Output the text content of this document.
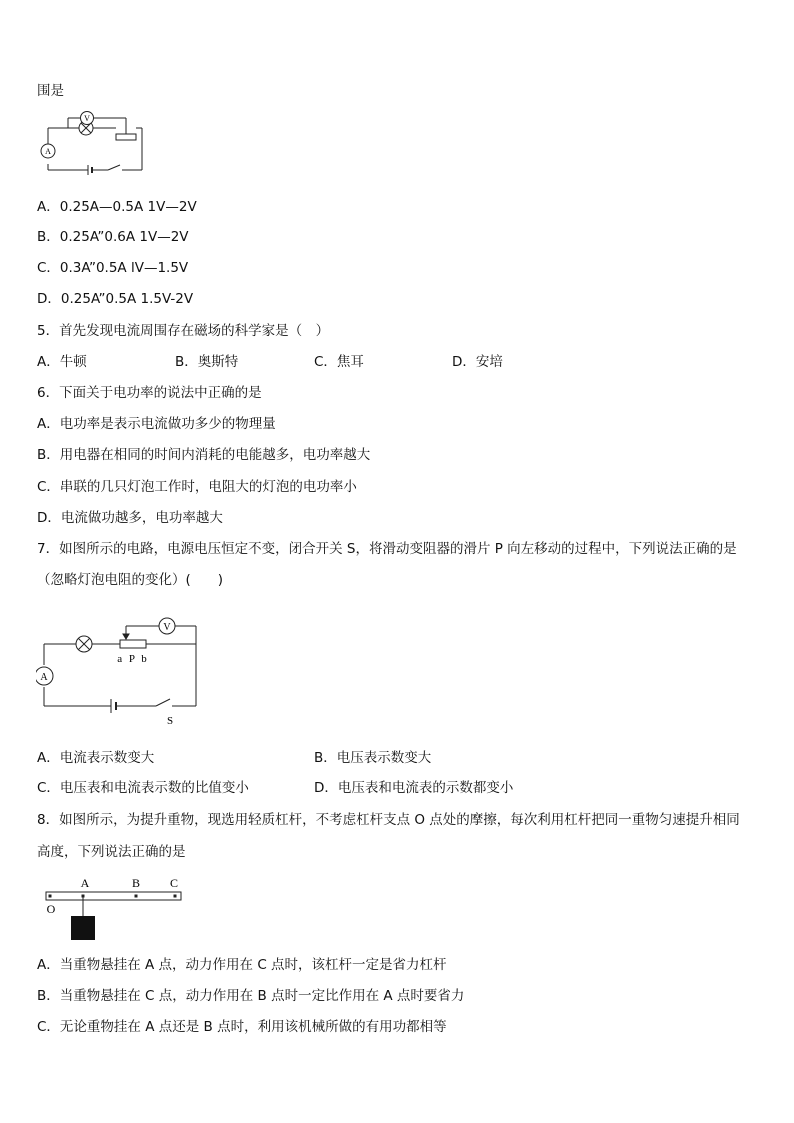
围是
V
A
A．0.25A—0.5A 1V—2V
B．0.25A”0.6A 1V—2V
C．0.3A”0.5A lV—1.5V
D．0.25A”0.5A 1.5V-2V
5．首先发现电流周围存在磁场的科学家是（　）
A．牛顿	B．奥斯特	C．焦耳	D．安培
6．下面关于电功率的说法中正确的是
A．电功率是表示电流做功多少的物理量
B．用电器在相同的时间内消耗的电能越多，电功率越大
C．串联的几只灯泡工作时，电阻大的灯泡的电功率小
D．电流做功越多，电功率越大
7．如图所示的电路，电源电压恒定不变，闭合开关 S，将滑动变阻器的滑片 P 向左移动的过程中，下列说法正确的是
（忽略灯泡电阻的变化）(　　)
V
A
a P b
S
A．电流表示数变大	B．电压表示数变大
C．电压表和电流表示数的比值变小	D．电压表和电流表的示数都变小
8．如图所示，为提升重物，现选用轻质杠杆，不考虑杠杆支点 O 点处的摩擦，每次利用杠杆把同一重物匀速提升相同
高度，下列说法正确的是
A	B C
O
A．当重物悬挂在 A 点，动力作用在 C 点时，该杠杆一定是省力杠杆
B．当重物悬挂在 C 点，动力作用在 B 点时一定比作用在 A 点时要省力
C．无论重物挂在 A 点还是 B 点时，利用该机械所做的有用功都相等
